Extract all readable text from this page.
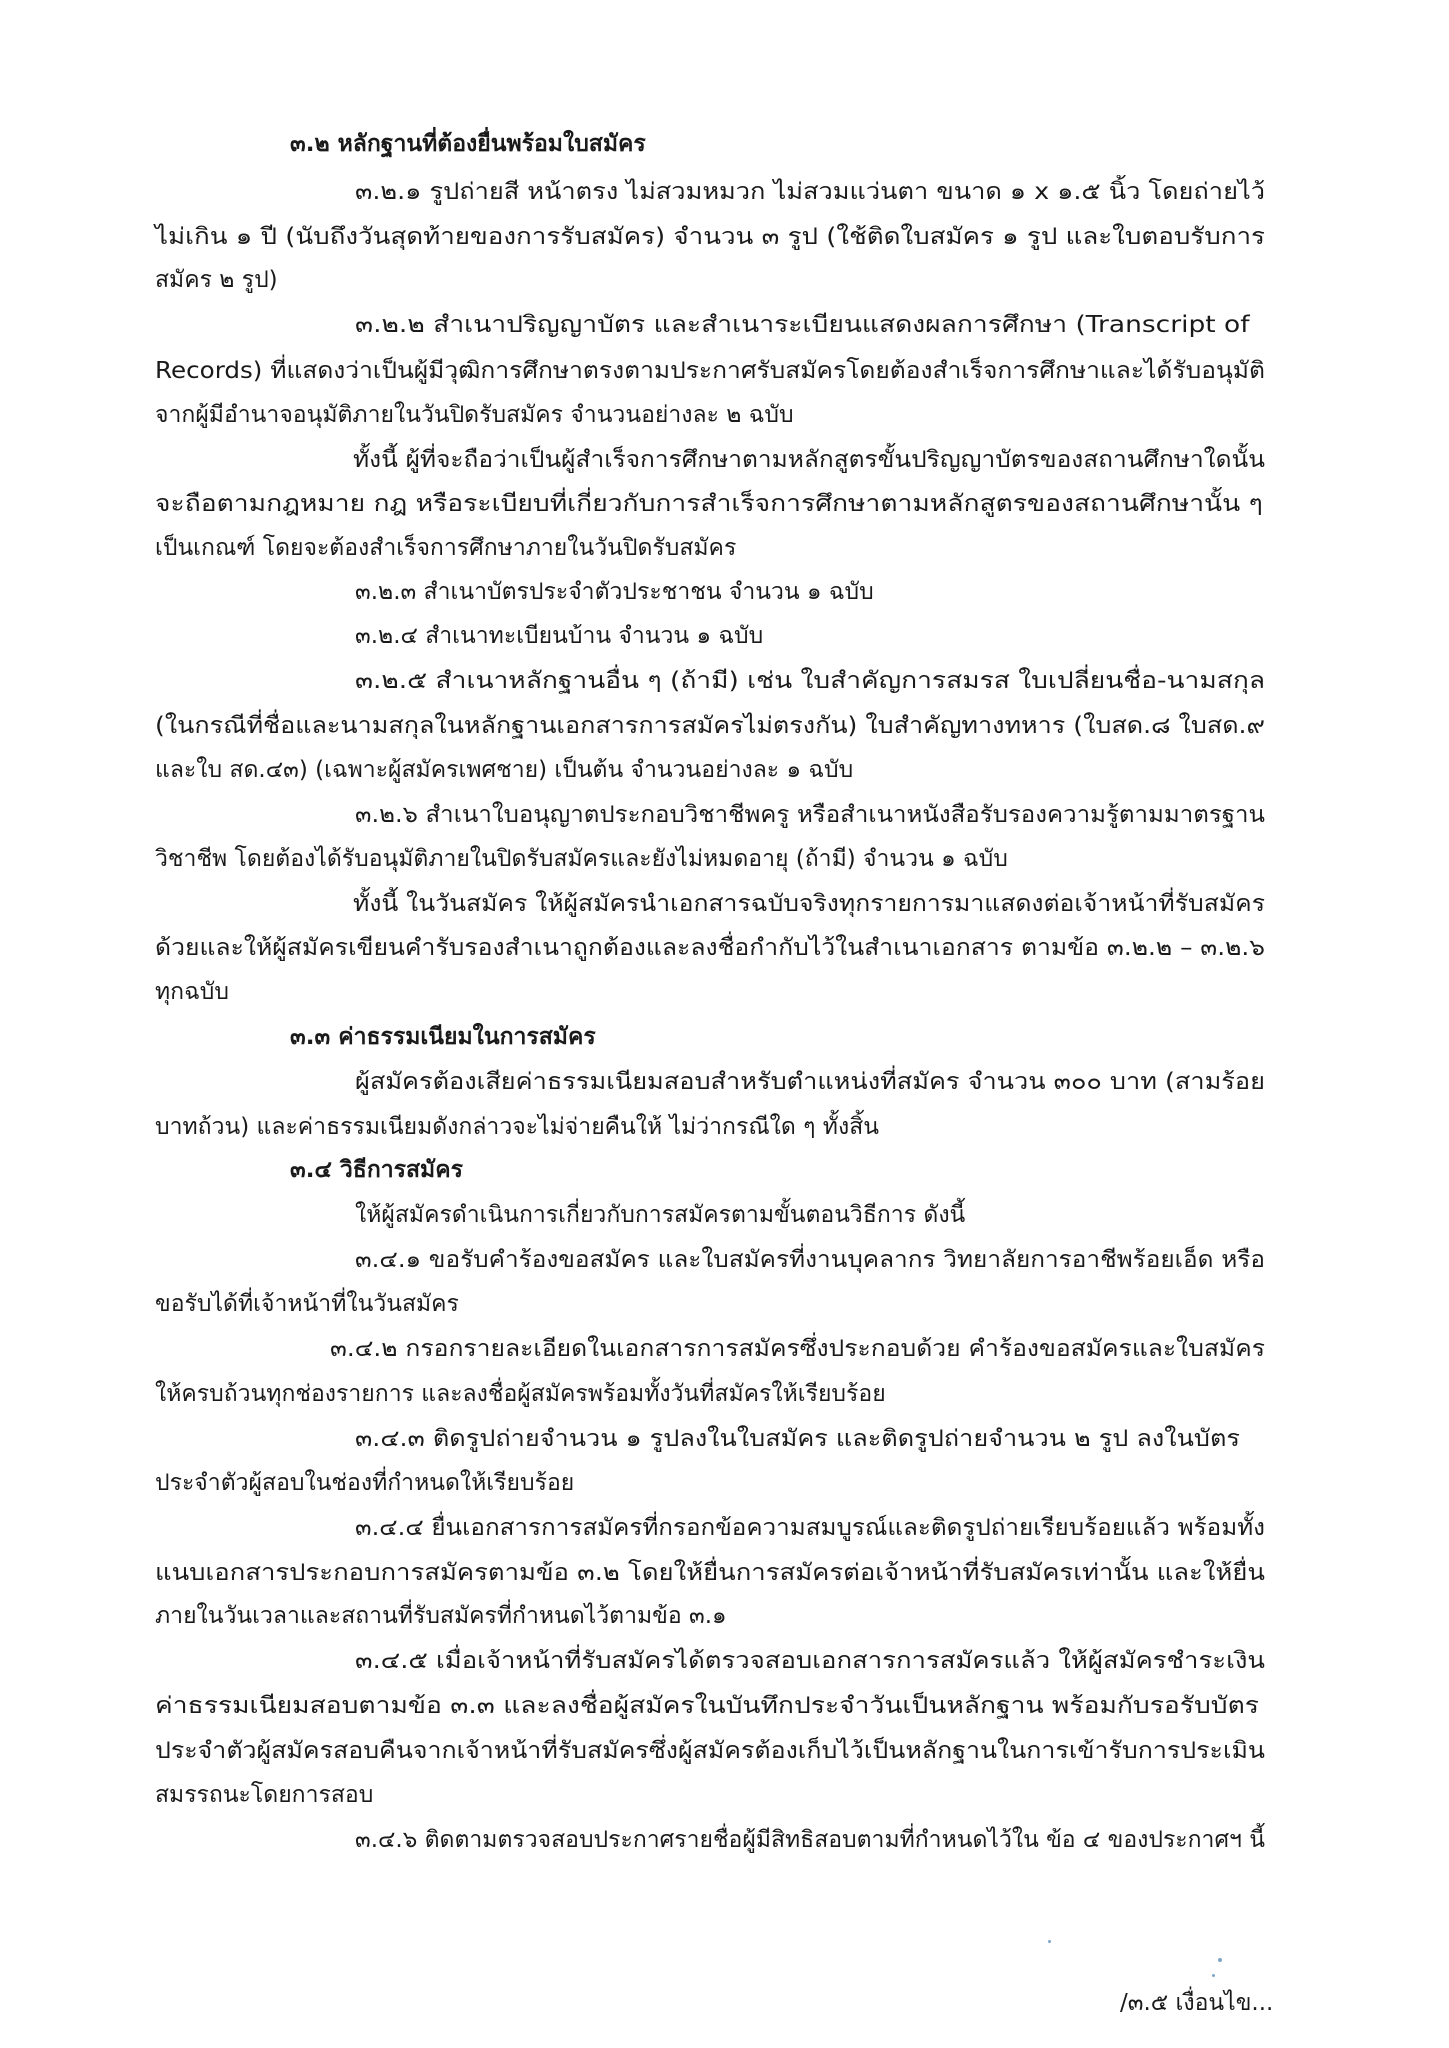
๓.๒ หลักฐานที่ต้องยื่นพร้อมใบสมัคร
๓.๒.๑ รูปถ่ายสี หน้าตรง ไม่สวมหมวก ไม่สวมแว่นตา ขนาด ๑ x ๑.๕ นิ้ว โดยถ่ายไว้
ไม่เกิน ๑ ปี (นับถึงวันสุดท้ายของการรับสมัคร) จำนวน ๓ รูป (ใช้ติดใบสมัคร ๑ รูป และใบตอบรับการ
สมัคร ๒ รูป)
๓.๒.๒ สำเนาปริญญาบัตร และสำเนาระเบียนแสดงผลการศึกษา (Transcript of
Records) ที่แสดงว่าเป็นผู้มีวุฒิการศึกษาตรงตามประกาศรับสมัครโดยต้องสำเร็จการศึกษาและได้รับอนุมัติ
จากผู้มีอำนาจอนุมัติภายในวันปิดรับสมัคร จำนวนอย่างละ ๒ ฉบับ
ทั้งนี้ ผู้ที่จะถือว่าเป็นผู้สำเร็จการศึกษาตามหลักสูตรขั้นปริญญาบัตรของสถานศึกษาใดนั้น
จะถือตามกฎหมาย กฎ หรือระเบียบที่เกี่ยวกับการสำเร็จการศึกษาตามหลักสูตรของสถานศึกษานั้น ๆ
เป็นเกณฑ์ โดยจะต้องสำเร็จการศึกษาภายในวันปิดรับสมัคร
๓.๒.๓ สำเนาบัตรประจำตัวประชาชน จำนวน ๑ ฉบับ
๓.๒.๔ สำเนาทะเบียนบ้าน จำนวน ๑ ฉบับ
๓.๒.๕ สำเนาหลักฐานอื่น ๆ (ถ้ามี) เช่น ใบสำคัญการสมรส ใบเปลี่ยนชื่อ-นามสกุล
(ในกรณีที่ชื่อและนามสกุลในหลักฐานเอกสารการสมัครไม่ตรงกัน) ใบสำคัญทางทหาร (ใบสด.๘ ใบสด.๙
และใบ สด.๔๓) (เฉพาะผู้สมัครเพศชาย) เป็นต้น จำนวนอย่างละ ๑ ฉบับ
๓.๒.๖ สำเนาใบอนุญาตประกอบวิชาชีพครู หรือสำเนาหนังสือรับรองความรู้ตามมาตรฐาน
วิชาชีพ โดยต้องได้รับอนุมัติภายในปิดรับสมัครและยังไม่หมดอายุ (ถ้ามี) จำนวน ๑ ฉบับ
ทั้งนี้ ในวันสมัคร ให้ผู้สมัครนำเอกสารฉบับจริงทุกรายการมาแสดงต่อเจ้าหน้าที่รับสมัคร
ด้วยและให้ผู้สมัครเขียนคำรับรองสำเนาถูกต้องและลงชื่อกำกับไว้ในสำเนาเอกสาร ตามข้อ ๓.๒.๒ – ๓.๒.๖
ทุกฉบับ
๓.๓ ค่าธรรมเนียมในการสมัคร
ผู้สมัครต้องเสียค่าธรรมเนียมสอบสำหรับตำแหน่งที่สมัคร จำนวน ๓๐๐ บาท (สามร้อย
บาทถ้วน) และค่าธรรมเนียมดังกล่าวจะไม่จ่ายคืนให้ ไม่ว่ากรณีใด ๆ ทั้งสิ้น
๓.๔ วิธีการสมัคร
ให้ผู้สมัครดำเนินการเกี่ยวกับการสมัครตามขั้นตอนวิธีการ ดังนี้
๓.๔.๑ ขอรับคำร้องขอสมัคร และใบสมัครที่งานบุคลากร วิทยาลัยการอาชีพร้อยเอ็ด หรือ
ขอรับได้ที่เจ้าหน้าที่ในวันสมัคร
๓.๔.๒ กรอกรายละเอียดในเอกสารการสมัครซึ่งประกอบด้วย คำร้องขอสมัครและใบสมัคร
ให้ครบถ้วนทุกช่องรายการ และลงชื่อผู้สมัครพร้อมทั้งวันที่สมัครให้เรียบร้อย
๓.๔.๓ ติดรูปถ่ายจำนวน ๑ รูปลงในใบสมัคร และติดรูปถ่ายจำนวน ๒ รูป ลงในบัตร
ประจำตัวผู้สอบในช่องที่กำหนดให้เรียบร้อย
๓.๔.๔ ยื่นเอกสารการสมัครที่กรอกข้อความสมบูรณ์และติดรูปถ่ายเรียบร้อยแล้ว พร้อมทั้ง
แนบเอกสารประกอบการสมัครตามข้อ ๓.๒ โดยให้ยื่นการสมัครต่อเจ้าหน้าที่รับสมัครเท่านั้น และให้ยื่น
ภายในวันเวลาและสถานที่รับสมัครที่กำหนดไว้ตามข้อ ๓.๑
๓.๔.๕ เมื่อเจ้าหน้าที่รับสมัครได้ตรวจสอบเอกสารการสมัครแล้ว ให้ผู้สมัครชำระเงิน
ค่าธรรมเนียมสอบตามข้อ ๓.๓ และลงชื่อผู้สมัครในบันทึกประจำวันเป็นหลักฐาน พร้อมกับรอรับบัตร
ประจำตัวผู้สมัครสอบคืนจากเจ้าหน้าที่รับสมัครซึ่งผู้สมัครต้องเก็บไว้เป็นหลักฐานในการเข้ารับการประเมิน
สมรรถนะโดยการสอบ
๓.๔.๖ ติดตามตรวจสอบประกาศรายชื่อผู้มีสิทธิสอบตามที่กำหนดไว้ใน ข้อ ๔ ของประกาศฯ นี้
/๓.๕ เงื่อนไข...
